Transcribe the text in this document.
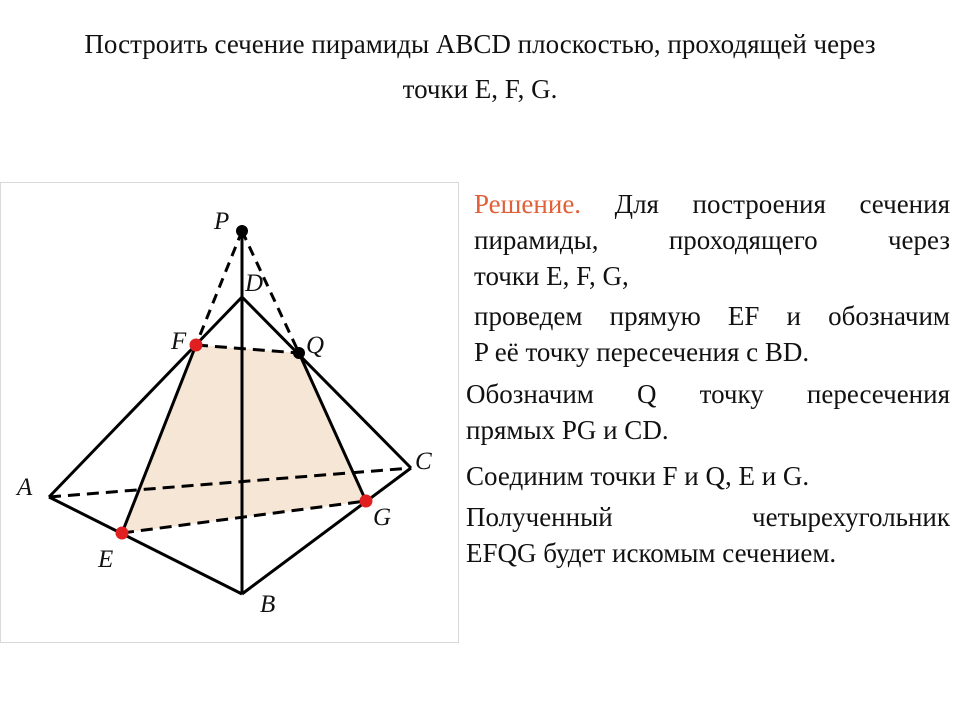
Построить сечение пирамиды ABCD плоскостью, проходящей через
точки E, F, G.
P
D
F	Q
A
C
G
E
B
Решение. Для построения сечения
пирамиды, проходящего через
точки E, F, G,
проведем прямую EF и обозначим
P её точку пересечения с BD.
Обозначим Q точку пересечения
прямых PG и CD.
Соединим точки F и Q, E и G.
Полученный четырехугольник
EFQG будет искомым сечением.
